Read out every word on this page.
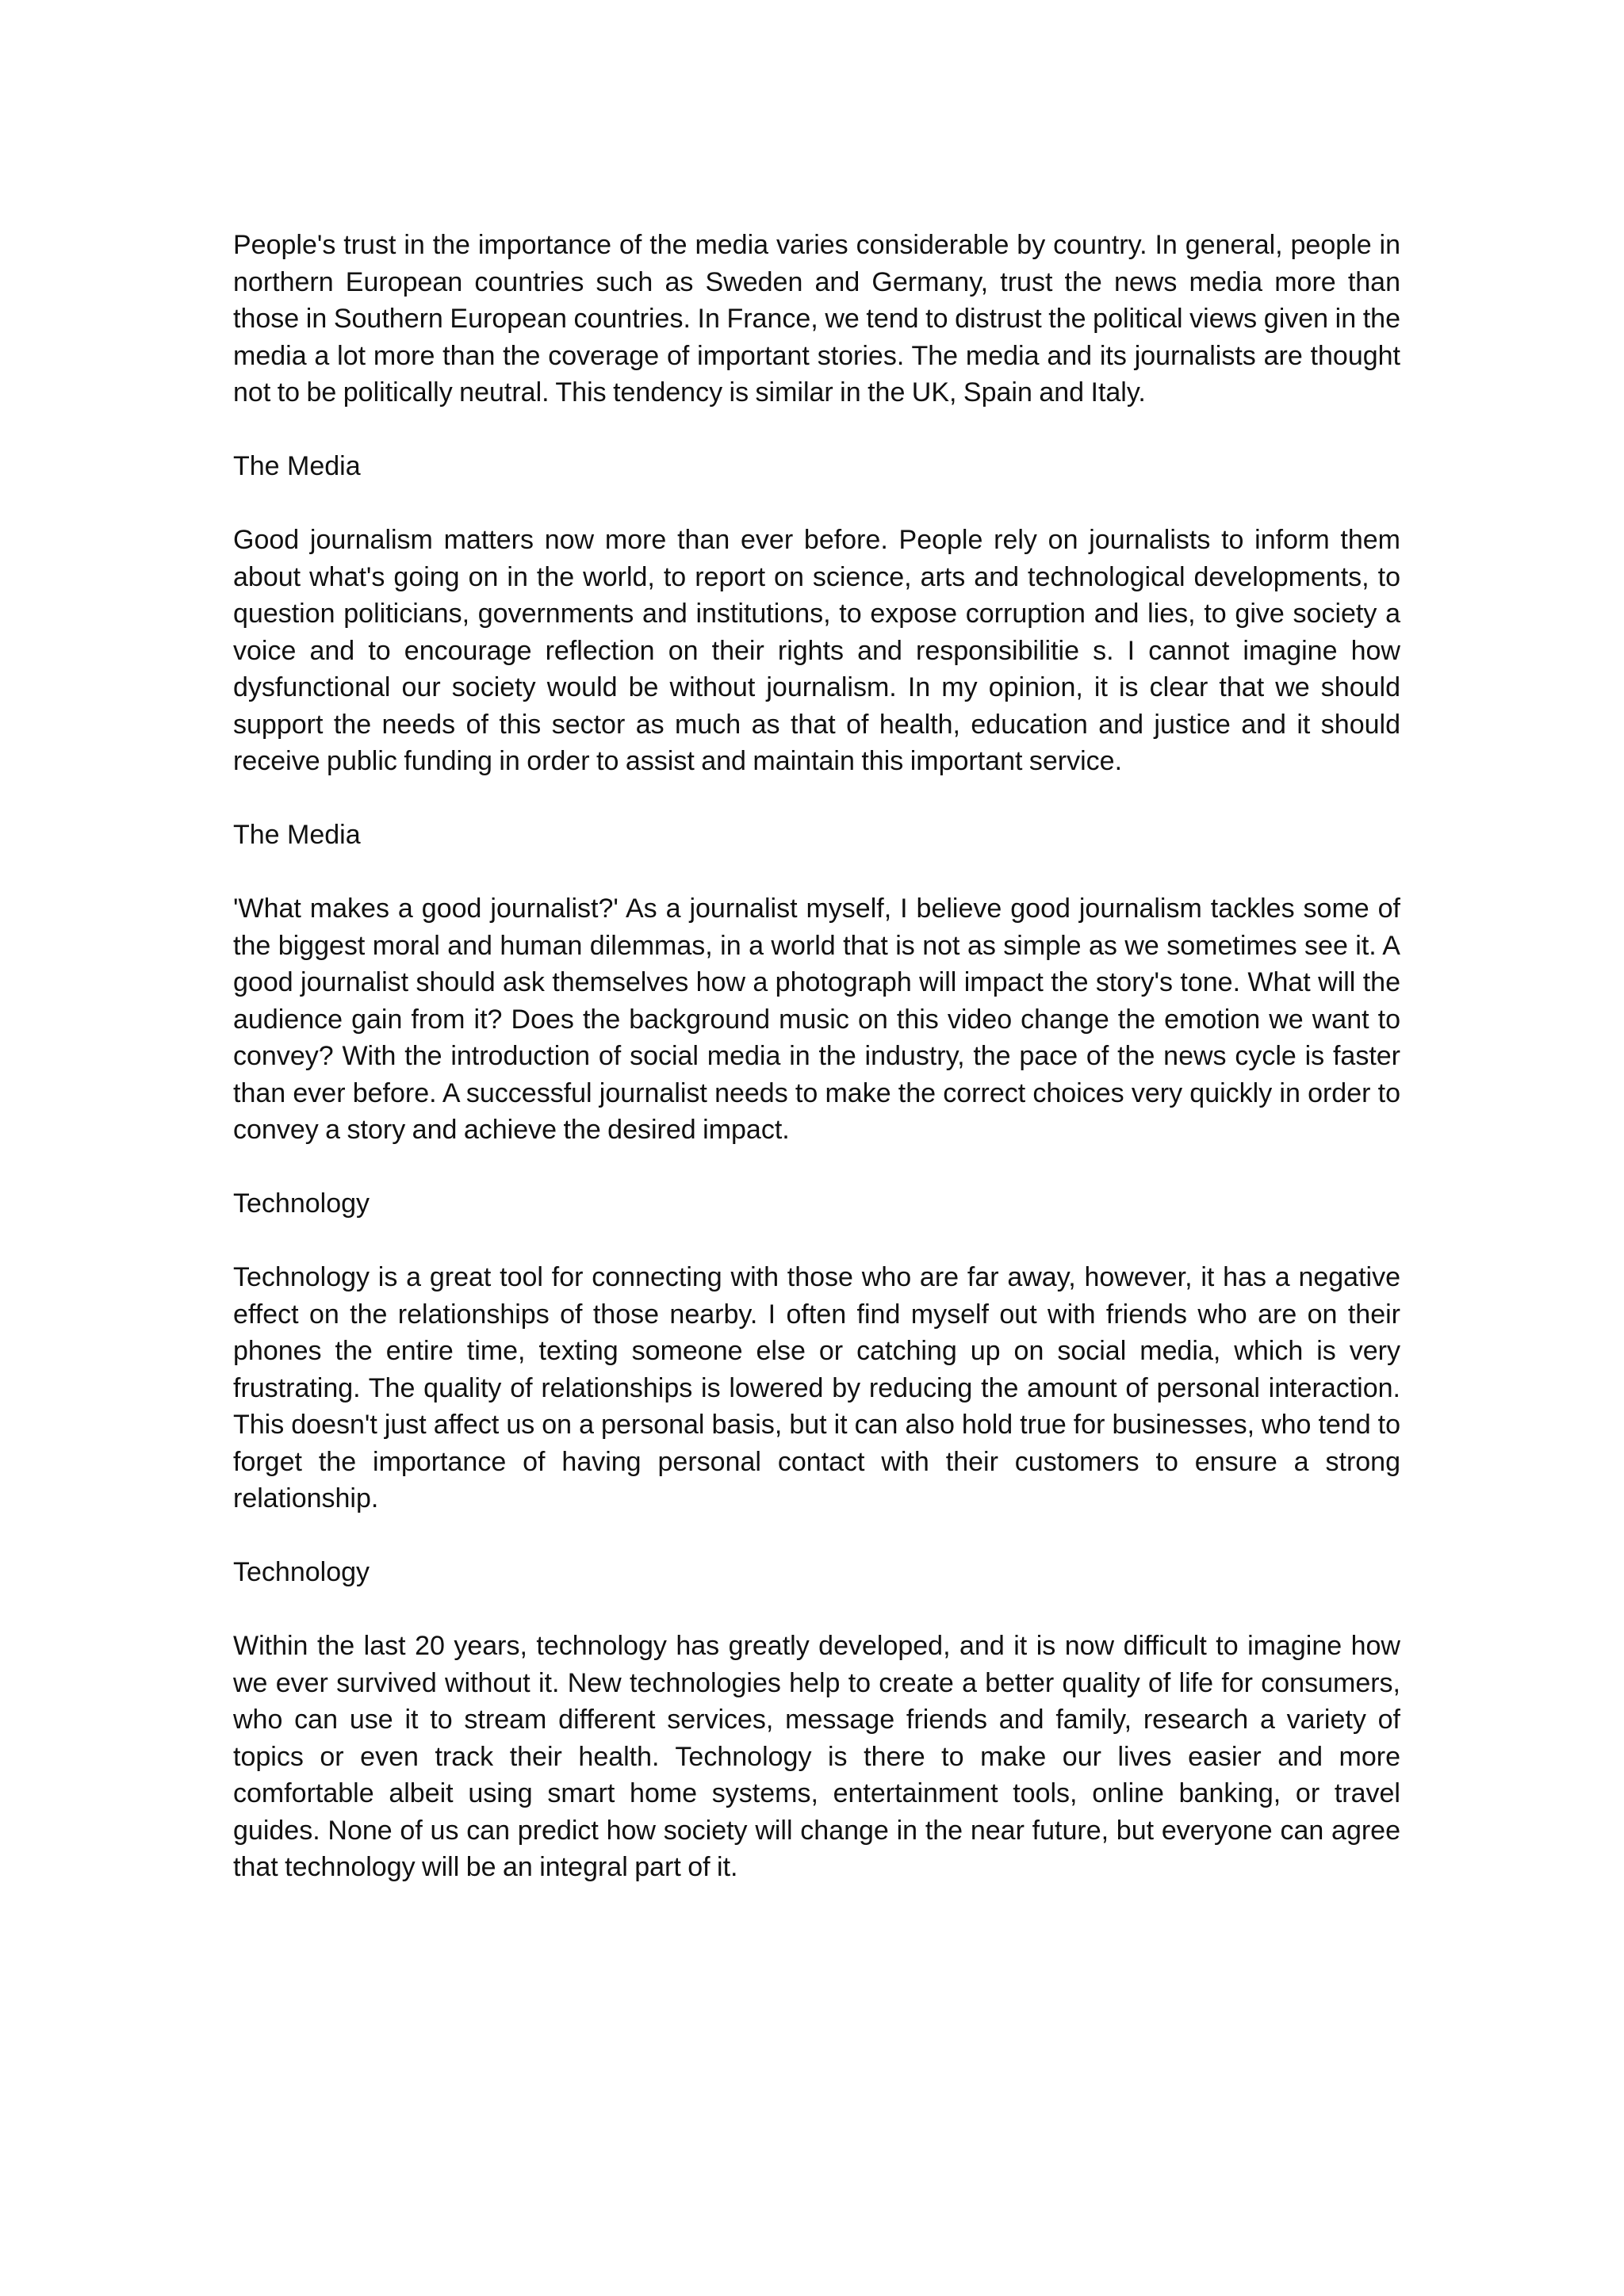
People's trust in the importance of the media varies considerable by country. In general, people in northern European countries such as Sweden and Germany, trust the news media more than those in Southern European countries. In France, we tend to distrust the political views given in the media a lot more than the coverage of important stories. The media and its journalists are thought not to be politically neutral. This tendency is similar in the UK, Spain and Italy.

The Media

Good journalism matters now more than ever before. People rely on journalists to inform them about what's going on in the world, to report on science, arts and technological developments, to question politicians, governments and institutions, to expose corruption and lies, to give society a voice and to encourage reflection on their rights and responsibilitie s. I cannot imagine how dysfunctional our society would be without journalism. In my opinion, it is clear that we should support the needs of this sector as much as that of health, education and justice and it should receive public funding in order to assist and maintain this important service.

The Media

'What makes a good journalist?' As a journalist myself, I believe good journalism tackles some of the biggest moral and human dilemmas, in a world that is not as simple as we sometimes see it. A good journalist should ask themselves how a photograph will impact the story's tone. What will the audience gain from it? Does the background music on this video change the emotion we want to convey? With the introduction of social media in the industry, the pace of the news cycle is faster than ever before. A successful journalist needs to make the correct choices very quickly in order to convey a story and achieve the desired impact.

Technology

Technology is a great tool for connecting with those who are far away, however, it has a negative effect on the relationships of those nearby. I often find myself out with friends who are on their phones the entire time, texting someone else or catching up on social media, which is very frustrating. The quality of relationships is lowered by reducing the amount of personal interaction. This doesn't just affect us on a personal basis, but it can also hold true for businesses, who tend to forget the importance of having personal contact with their customers to ensure a strong relationship.

Technology

Within the last 20 years, technology has greatly developed, and it is now difficult to imagine how we ever survived without it. New technologies help to create a better quality of life for consumers, who can use it to stream different services, message friends and family, research a variety of topics or even track their health. Technology is there to make our lives easier and more comfortable albeit using smart home systems, entertainment tools, online banking, or travel guides. None of us can predict how society will change in the near future, but everyone can agree that technology will be an integral part of it.
